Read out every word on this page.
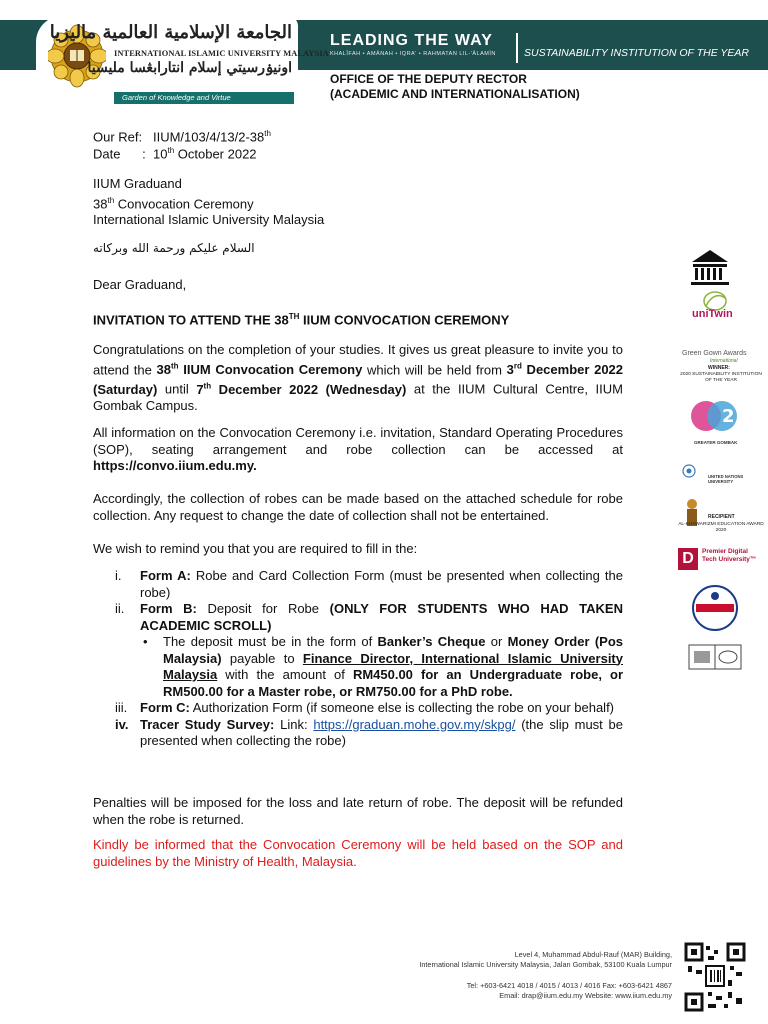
الجامعة الإسلامية العالمية ماليزيا
INTERNATIONAL ISLAMIC UNIVERSITY MALAYSIA
اونيۏرسيتي إسلام انتارابڠسا مليسيا
Garden of Knowledge and Virtue
LEADING THE WAY
KHALÎFAH • AMÂNAH • IQRA' • RAHMATAN LIL-'ÂLAMÎN	SUSTAINABILITY INSTITUTION OF THE YEAR
OFFICE OF THE DEPUTY RECTOR
(ACADEMIC AND INTERNATIONALISATION)
Our Ref: IIUM/103/4/13/2-38th
Date : 10th October 2022
IIUM Graduand
38th Convocation Ceremony
International Islamic University Malaysia
السلام عليكم ورحمة الله وبركاته
Dear Graduand,
INVITATION TO ATTEND THE 38TH IIUM CONVOCATION CEREMONY
Congratulations on the completion of your studies. It gives us great pleasure to invite you to attend the 38th IIUM Convocation Ceremony which will be held from 3rd December 2022 (Saturday) until 7th December 2022 (Wednesday) at the IIUM Cultural Centre, IIUM Gombak Campus.
All information on the Convocation Ceremony i.e. invitation, Standard Operating Procedures (SOP), seating arrangement and robe collection can be accessed at https://convo.iium.edu.my.
Accordingly, the collection of robes can be made based on the attached schedule for robe collection. Any request to change the date of collection shall not be entertained.
We wish to remind you that you are required to fill in the:
i. Form A: Robe and Card Collection Form (must be presented when collecting the robe)
ii. Form B: Deposit for Robe (ONLY FOR STUDENTS WHO HAD TAKEN ACADEMIC SCROLL)
• The deposit must be in the form of Banker’s Cheque or Money Order (Pos Malaysia) payable to Finance Director, International Islamic University Malaysia with the amount of RM450.00 for an Undergraduate robe, or RM500.00 for a Master robe, or RM750.00 for a PhD robe.
iii. Form C: Authorization Form (if someone else is collecting the robe on your behalf)
iv. Tracer Study Survey: Link: https://graduan.mohe.gov.my/skpg/ (the slip must be presented when collecting the robe)
Penalties will be imposed for the loss and late return of robe. The deposit will be refunded when the robe is returned.
Kindly be informed that the Convocation Ceremony will be held based on the SOP and guidelines by the Ministry of Health, Malaysia.
uniTwin
Green Gown Awards
International
WINNER:
2020 SUSTAINABILITY INSTITUTION OF THE YEAR
2
GREATER GOMBAK
UNITED NATIONS UNIVERSITY
RECIPIENT
AL-KHAWARIZMI EDUCATION AWARD 2020
D	Premier Digital Tech University™
Level 4, Muhammad Abdul-Rauf (MAR) Building,
International Islamic University Malaysia, Jalan Gombak, 53100 Kuala Lumpur
Tel: +603-6421 4018 / 4015 / 4013 / 4016 Fax: +603-6421 4867
Email: drap@iium.edu.my Website: www.iium.edu.my
